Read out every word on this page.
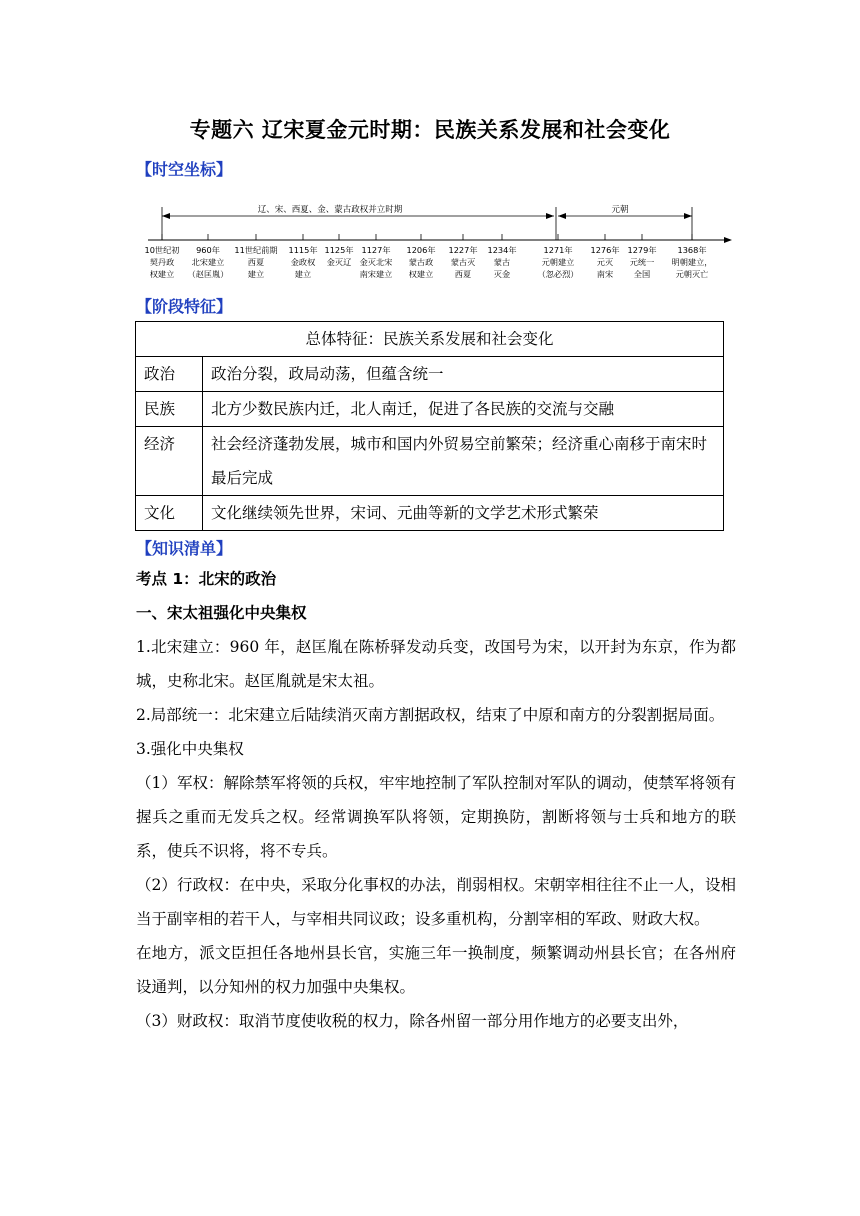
专题六 辽宋夏金元时期：民族关系发展和社会变化
【时空坐标】
辽、宋、西夏、金、蒙古政权并立时期	元朝
10世纪初
契丹政
权建立
960年
北宋建立
（赵匡胤）
11世纪前期
西夏
建立
1115年
金政权
建立
1125年
金灭辽
1127年
金灭北宋
南宋建立
1206年
蒙古政
权建立
1227年
蒙古灭
西夏
1234年
蒙古
灭金
1271年
元朝建立
（忽必烈）
1276年
元灭
南宋
1279年
元统一
全国
1368年
明朝建立，
元朝灭亡
【阶段特征】
总体特征：民族关系发展和社会变化	
政治	政治分裂，政局动荡，但蕴含统一
民族	北方少数民族内迁，北人南迁，促进了各民族的交流与交融
经济	社会经济蓬勃发展，城市和国内外贸易空前繁荣；经济重心南移于南宋时最后完成
文化	文化继续领先世界，宋词、元曲等新的文学艺术形式繁荣
【知识清单】

考点 1：北宋的政治

一、宋太祖强化中央集权

1.北宋建立：960 年，赵匡胤在陈桥驿发动兵变，改国号为宋，以开封为东京，作为都城，史称北宋。赵匡胤就是宋太祖。

2.局部统一：北宋建立后陆续消灭南方割据政权，结束了中原和南方的分裂割据局面。

3.强化中央集权

（1）军权：解除禁军将领的兵权，牢牢地控制了军队控制对军队的调动，使禁军将领有握兵之重而无发兵之权。经常调换军队将领，定期换防，割断将领与士兵和地方的联系，使兵不识将，将不专兵。

（2）行政权：在中央，采取分化事权的办法，削弱相权。宋朝宰相往往不止一人，设相当于副宰相的若干人，与宰相共同议政；设多重机构，分割宰相的军政、财政大权。

在地方，派文臣担任各地州县长官，实施三年一换制度，频繁调动州县长官；在各州府设通判，以分知州的权力加强中央集权。

（3）财政权：取消节度使收税的权力，除各州留一部分用作地方的必要支出外，
